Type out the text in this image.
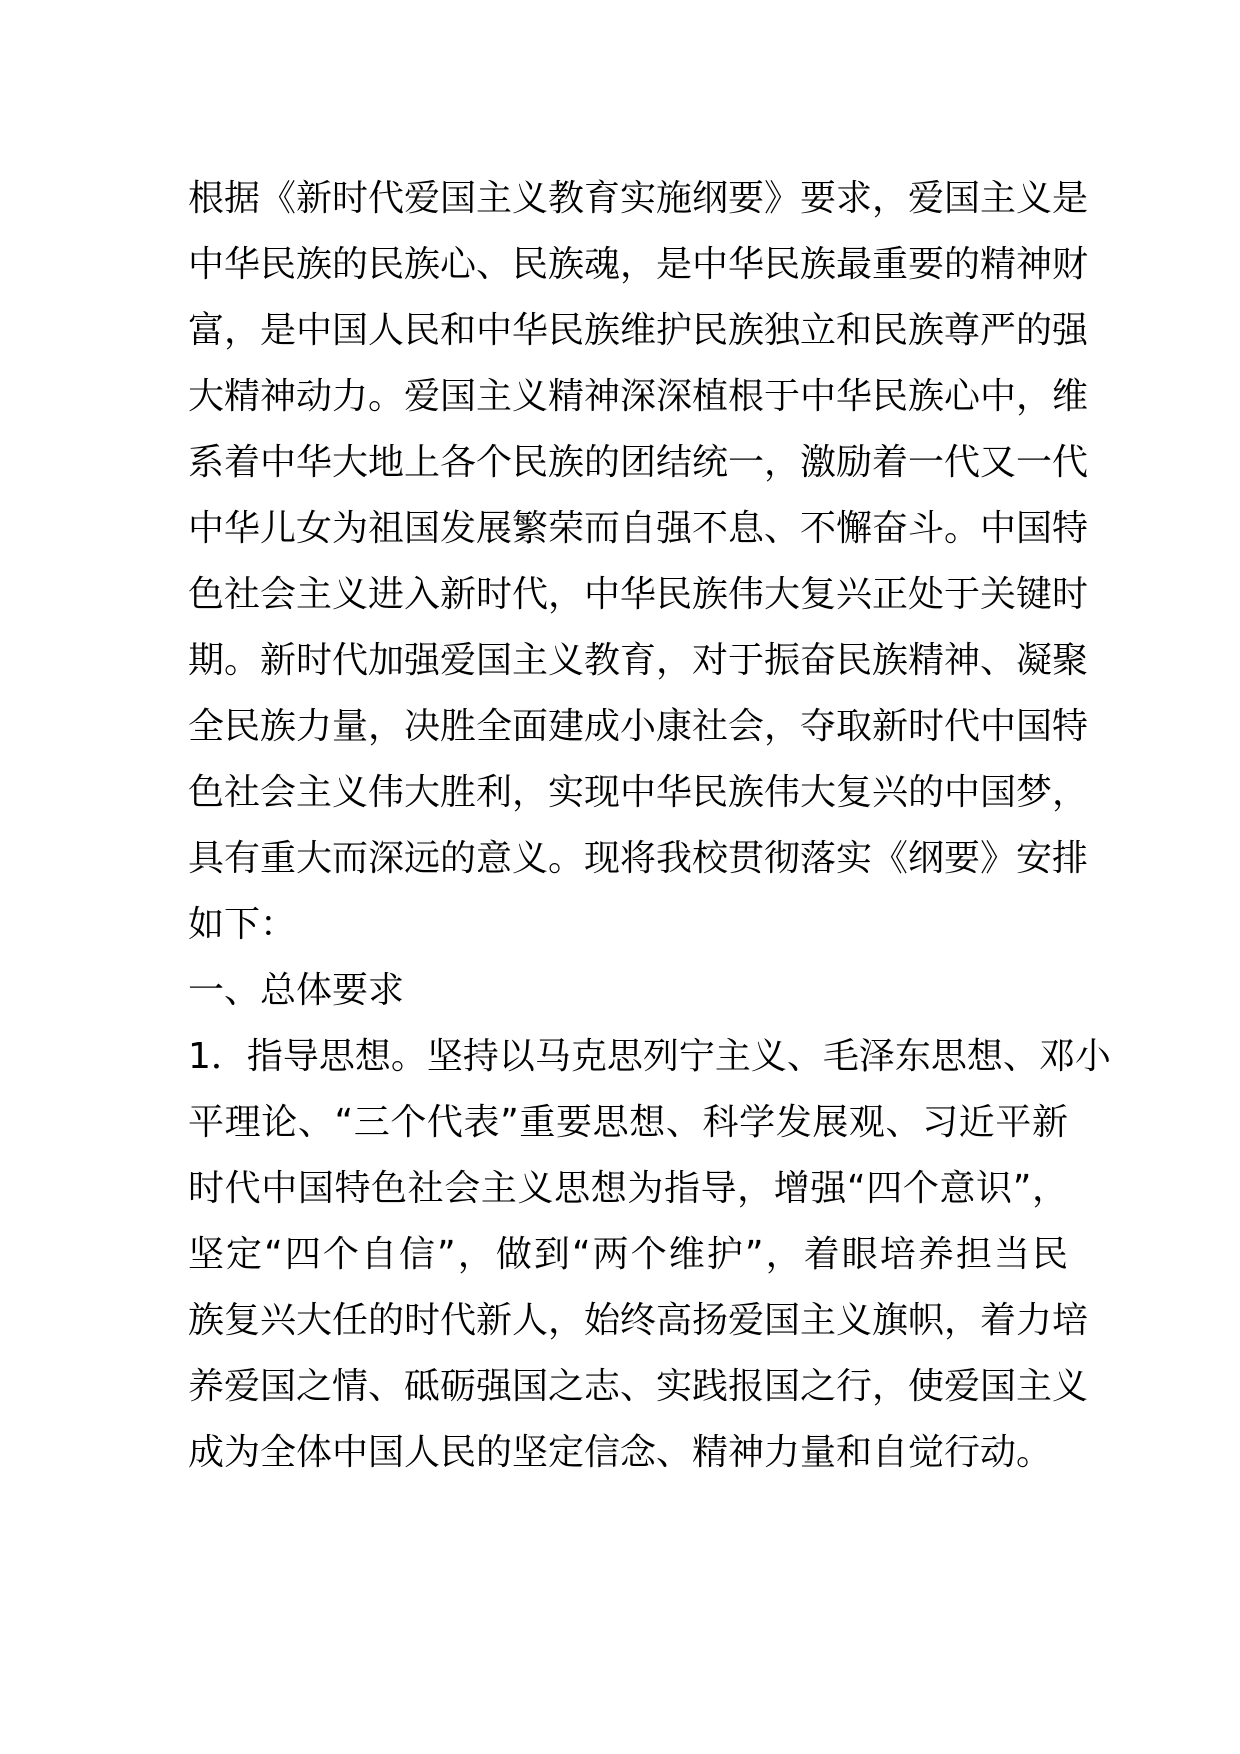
根据《新时代爱国主义教育实施纲要》要求，爱国主义是
中华民族的民族心、民族魂，是中华民族最重要的精神财
富，是中国人民和中华民族维护民族独立和民族尊严的强
大精神动力。爱国主义精神深深植根于中华民族心中，维
系着中华大地上各个民族的团结统一，激励着一代又一代
中华儿女为祖国发展繁荣而自强不息、不懈奋斗。中国特
色社会主义进入新时代，中华民族伟大复兴正处于关键时
期。新时代加强爱国主义教育，对于振奋民族精神、凝聚
全民族力量，决胜全面建成小康社会，夺取新时代中国特
色社会主义伟大胜利，实现中华民族伟大复兴的中国梦，
具有重大而深远的意义。现将我校贯彻落实《纲要》安排
如下：
一、总体要求
1．指导思想。坚持以马克思列宁主义、毛泽东思想、邓小
平理论、“三个代表”重要思想、科学发展观、习近平新
时代中国特色社会主义思想为指导，增强“四个意识”，
坚定“四个自信”，做到“两个维护”，着眼培养担当民
族复兴大任的时代新人，始终高扬爱国主义旗帜，着力培
养爱国之情、砥砺强国之志、实践报国之行，使爱国主义
成为全体中国人民的坚定信念、精神力量和自觉行动。
